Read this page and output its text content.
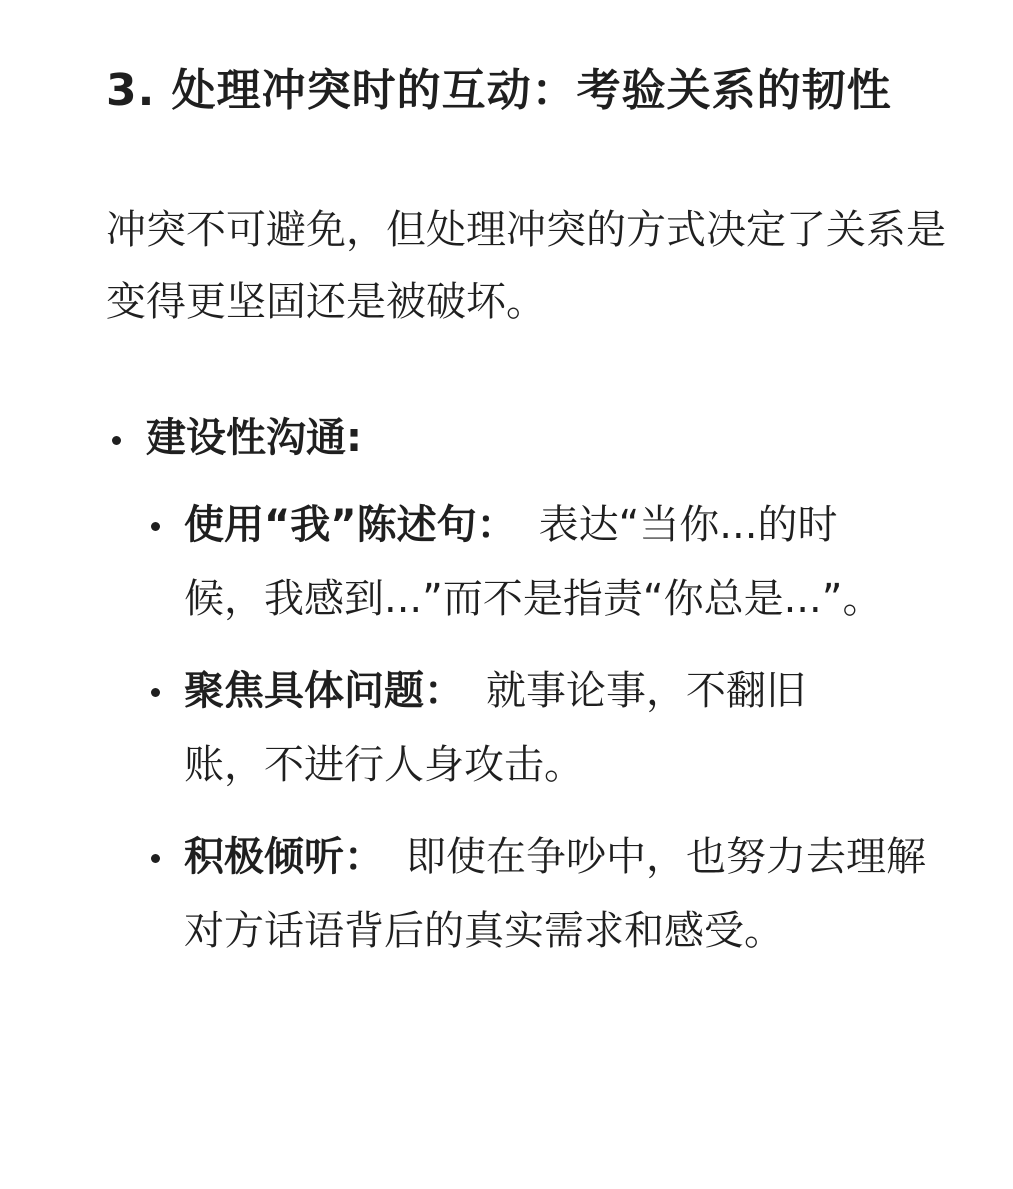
3. 处理冲突时的互动：考验关系的韧性

冲突不可避免，但处理冲突的方式决定了关系是变得更坚固还是被破坏。

建设性沟通:
使用“我”陈述句： 表达“当你...的时候，我感到...”而不是指责“你总是...”。
聚焦具体问题： 就事论事，不翻旧账，不进行人身攻击。
积极倾听： 即使在争吵中，也努力去理解对方话语背后的真实需求和感受。
